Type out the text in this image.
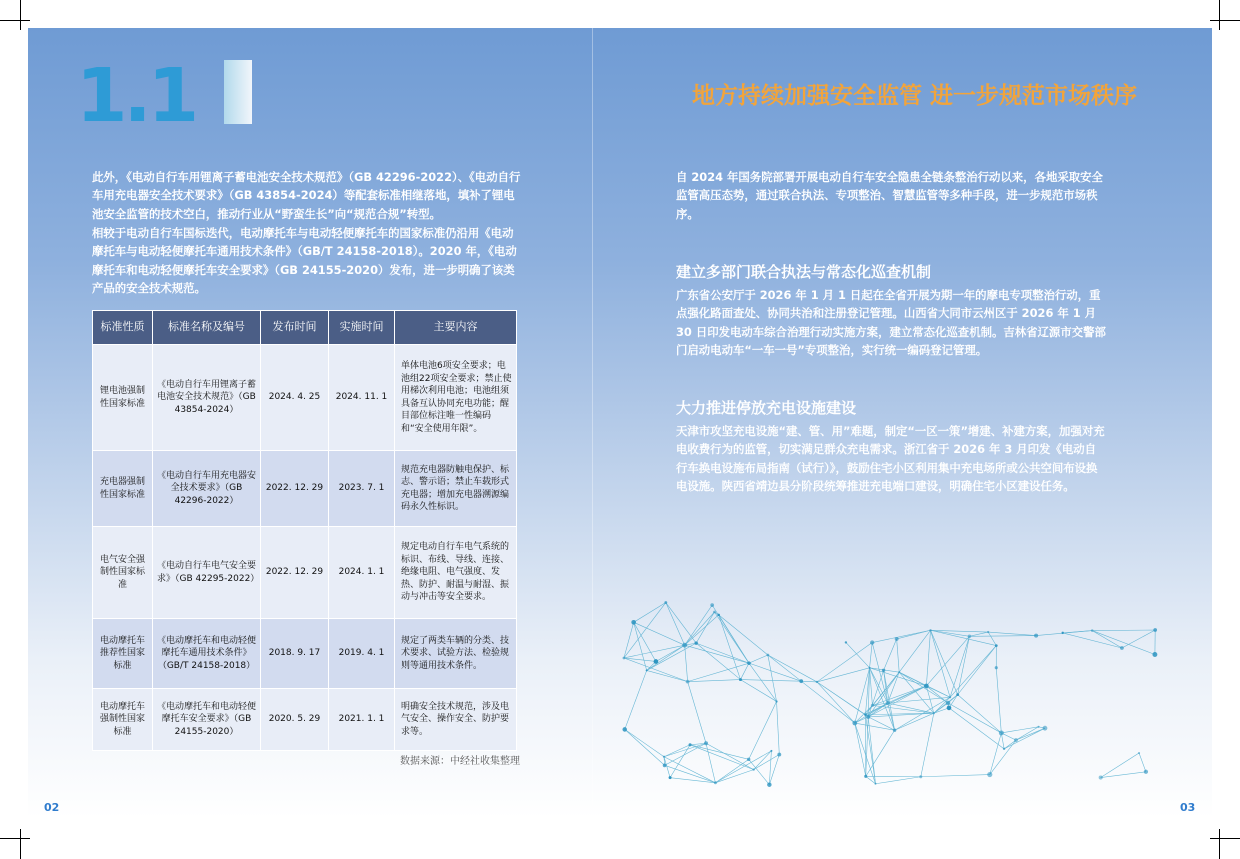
1.1

此外，《电动自行车用锂离子蓄电池安全技术规范》（GB 42296-2022）、《电动自行车用充电器安全技术要求》（GB 43854-2024）等配套标准相继落地，填补了锂电池安全监管的技术空白，推动行业从“野蛮生长”向“规范合规”转型。

相较于电动自行车国标迭代，电动摩托车与电动轻便摩托车的国家标准仍沿用《电动摩托车与电动轻便摩托车通用技术条件》（GB/T 24158-2018）。2020 年，《电动摩托车和电动轻便摩托车安全要求》（GB 24155-2020）发布，进一步明确了该类产品的安全技术规范。

标准性质	标准名称及编号	发布时间	实施时间	主要内容
锂电池强制性国家标准	《电动自行车用锂离子蓄电池安全技术规范》（GB 43854-2024）	2024. 4. 25	2024. 11. 1	单体电池6项安全要求；电池组22项安全要求；禁止使用梯次利用电池；电池组须具备互认协同充电功能；醒目部位标注唯一性编码和“安全使用年限”。
充电器强制性国家标准	《电动自行车用充电器安全技术要求》（GB 42296-2022）	2022. 12. 29	2023. 7. 1	规范充电器防触电保护、标志、警示语；禁止车载形式充电器；增加充电器溯源编码永久性标识。
电气安全强制性国家标准	《电动自行车电气安全要求》（GB 42295-2022）	2022. 12. 29	2024. 1. 1	规定电动自行车电气系统的标识、布线、导线、连接、绝缘电阻、电气强度、发热、防护、耐温与耐湿、振动与冲击等安全要求。
电动摩托车推荐性国家标准	《电动摩托车和电动轻便摩托车通用技术条件》（GB/T 24158-2018）	2018. 9. 17	2019. 4. 1	规定了两类车辆的分类、技术要求、试验方法、检验规则等通用技术条件。
电动摩托车强制性国家标准	《电动摩托车和电动轻便摩托车安全要求》（GB 24155-2020）	2020. 5. 29	2021. 1. 1	明确安全技术规范，涉及电气安全、操作安全、防护要求等。
数据来源：中经社收集整理
02
地方持续加强安全监管 进一步规范市场秩序

自 2024 年国务院部署开展电动自行车安全隐患全链条整治行动以来，各地采取安全监管高压态势，通过联合执法、专项整治、智慧监管等多种手段，进一步规范市场秩序。

建立多部门联合执法与常态化巡查机制

广东省公安厅于 2026 年 1 月 1 日起在全省开展为期一年的摩电专项整治行动，重点强化路面查处、协同共治和注册登记管理。山西省大同市云州区于 2026 年 1 月 30 日印发电动车综合治理行动实施方案，建立常态化巡查机制。吉林省辽源市交警部门启动电动车“一车一号”专项整治，实行统一编码登记管理。

大力推进停放充电设施建设

天津市攻坚充电设施“建、管、用”难题，制定“一区一策”增建、补建方案，加强对充电收费行为的监管，切实满足群众充电需求。浙江省于 2026 年 3 月印发《电动自行车换电设施布局指南（试行）》，鼓励住宅小区利用集中充电场所或公共空间布设换电设施。陕西省靖边县分阶段统筹推进充电端口建设，明确住宅小区建设任务。

03
